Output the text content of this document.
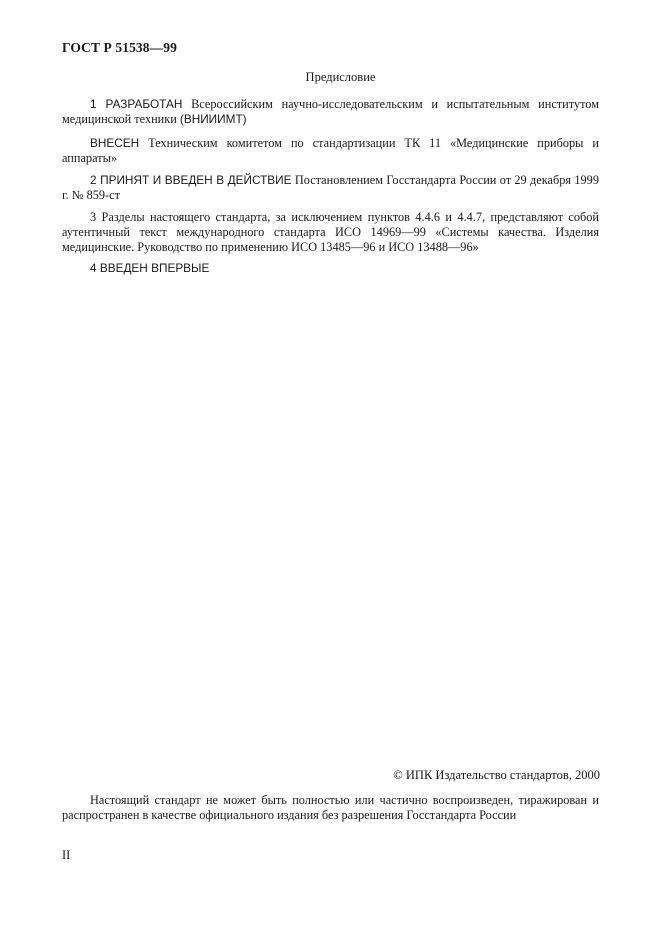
ГОСТ Р 51538—99
Предисловие
1 РАЗРАБОТАН Всероссийским научно-исследовательским и испытательным институтом медицинской техники (ВНИИИМТ)
ВНЕСЕН Техническим комитетом по стандартизации ТК 11 «Медицинские приборы и аппараты»
2 ПРИНЯТ И ВВЕДЕН В ДЕЙСТВИЕ Постановлением Госстандарта России от 29 декабря 1999 г. № 859-ст
3 Разделы настоящего стандарта, за исключением пунктов 4.4.6 и 4.4.7, представляют собой аутентичный текст международного стандарта ИСО 14969—99 «Системы качества. Изделия медицинские. Руководство по применению ИСО 13485—96 и ИСО 13488—96»
4 ВВЕДЕН ВПЕРВЫЕ
© ИПК Издательство стандартов, 2000
Настоящий стандарт не может быть полностью или частично воспроизведен, тиражирован и распространен в качестве официального издания без разрешения Госстандарта России
II
